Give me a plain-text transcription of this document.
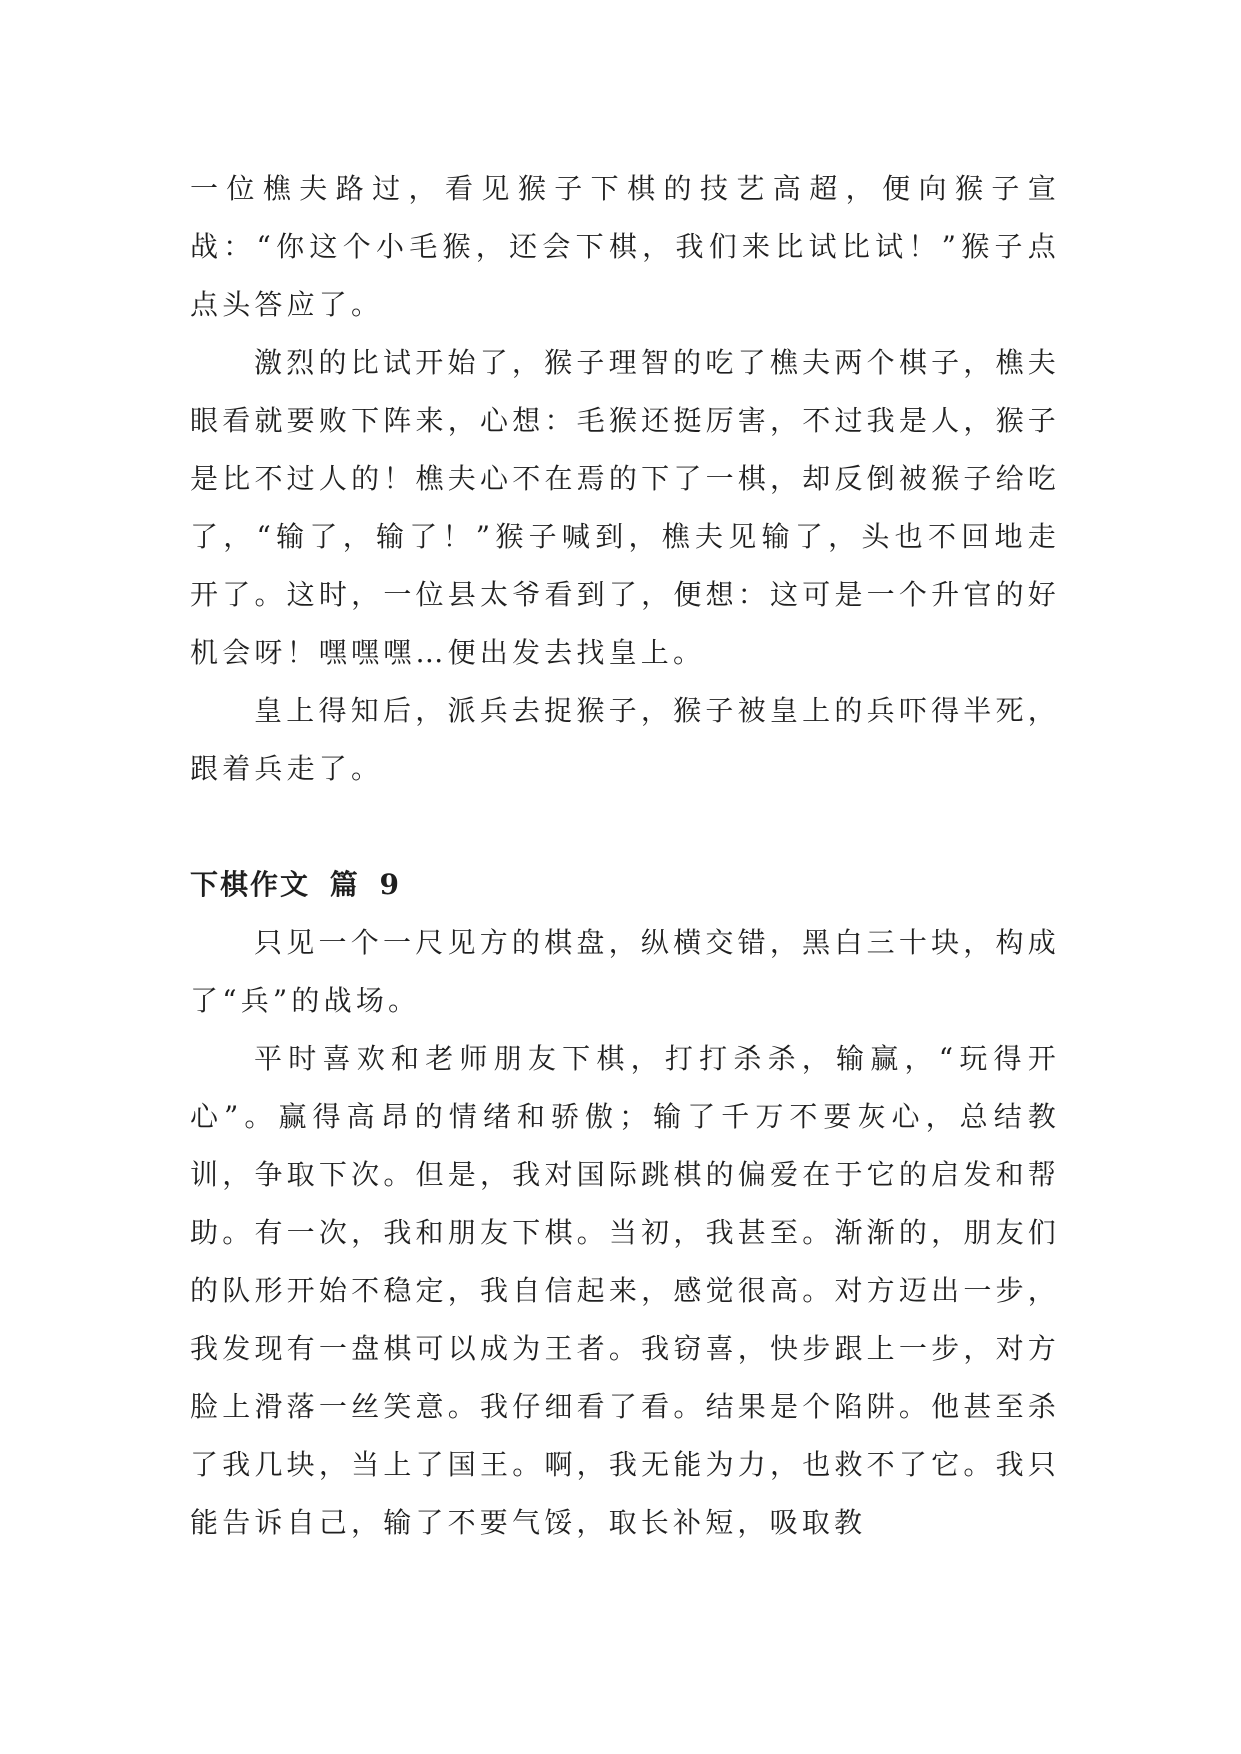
一位樵夫路过，看见猴子下棋的技艺高超，便向猴子宣战：“你这个小毛猴，还会下棋，我们来比试比试！”猴子点点头答应了。

激烈的比试开始了，猴子理智的吃了樵夫两个棋子，樵夫眼看就要败下阵来，心想：毛猴还挺厉害，不过我是人，猴子是比不过人的！樵夫心不在焉的下了一棋，却反倒被猴子给吃了，“输了，输了！”猴子喊到，樵夫见输了，头也不回地走开了。这时，一位县太爷看到了，便想：这可是一个升官的好机会呀！嘿嘿嘿…便出发去找皇上。

皇上得知后，派兵去捉猴子，猴子被皇上的兵吓得半死，跟着兵走了。

下棋作文 篇 9

只见一个一尺见方的棋盘，纵横交错，黑白三十块，构成了“兵”的战场。

平时喜欢和老师朋友下棋，打打杀杀，输赢，“玩得开心”。赢得高昂的情绪和骄傲；输了千万不要灰心，总结教训，争取下次。但是，我对国际跳棋的偏爱在于它的启发和帮助。有一次，我和朋友下棋。当初，我甚至。渐渐的，朋友们的队形开始不稳定，我自信起来，感觉很高。对方迈出一步，我发现有一盘棋可以成为王者。我窃喜，快步跟上一步，对方脸上滑落一丝笑意。我仔细看了看。结果是个陷阱。他甚至杀了我几块，当上了国王。啊，我无能为力，也救不了它。我只能告诉自己，输了不要气馁，取长补短，吸取教
